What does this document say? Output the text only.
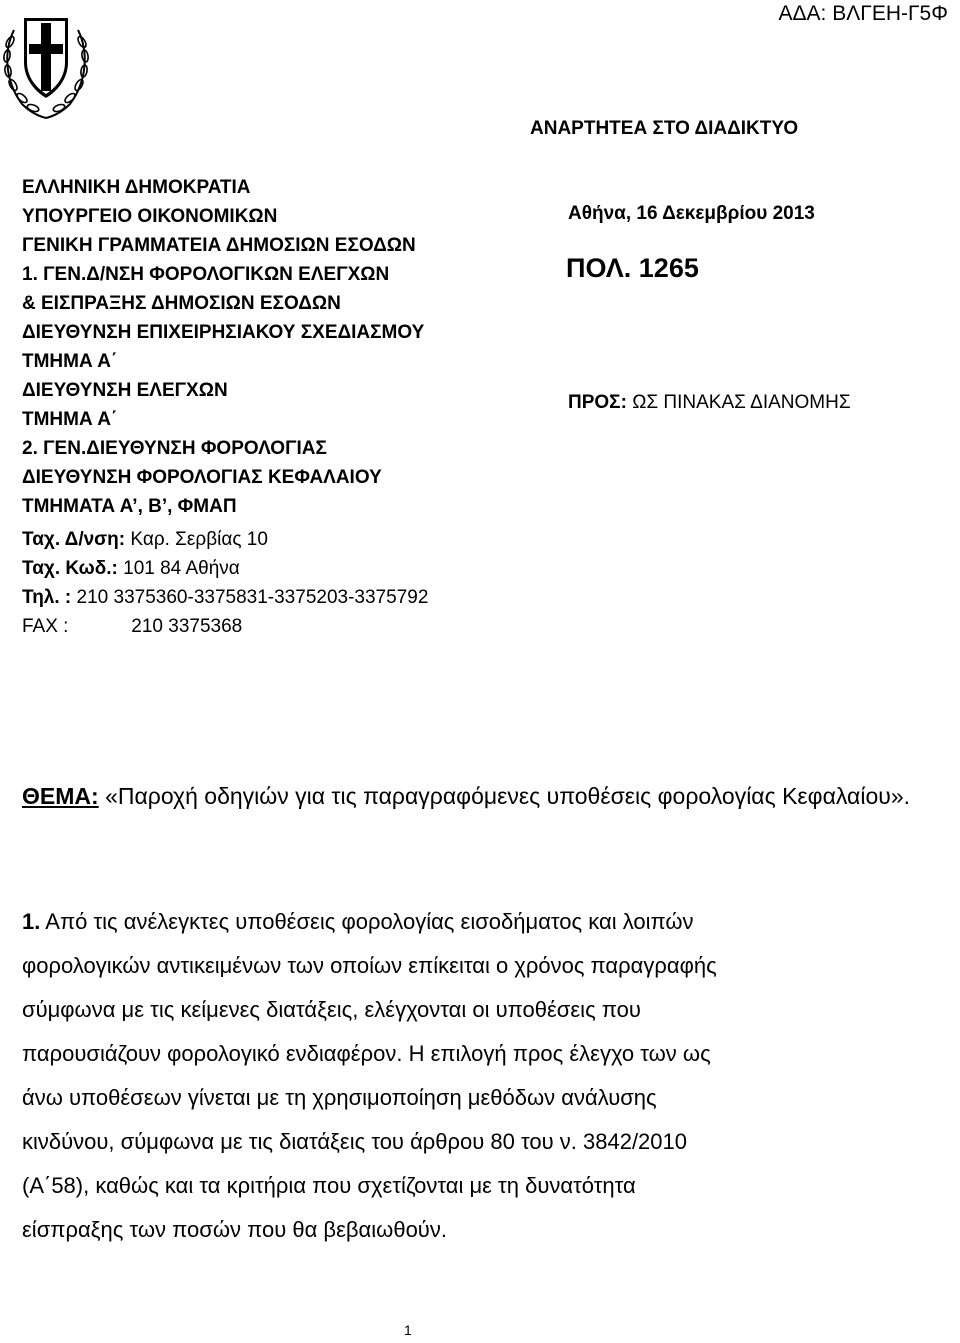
ΑΔΑ: ΒΛΓΕΗ-Γ5Φ
ΑΝΑΡΤΗΤΕΑ ΣΤΟ ΔΙΑΔΙΚΤΥΟ
ΕΛΛΗΝΙΚΗ ΔΗΜΟΚΡΑΤΙΑ
ΥΠΟΥΡΓΕΙΟ ΟΙΚΟΝΟΜΙΚΩΝ
ΓΕΝΙΚΗ ΓΡΑΜΜΑΤΕΙΑ ΔΗΜΟΣΙΩΝ ΕΣΟΔΩΝ
1. ΓΕΝ.Δ/ΝΣΗ ΦΟΡΟΛΟΓΙΚΩΝ ΕΛΕΓΧΩΝ
& ΕΙΣΠΡΑΞΗΣ ΔΗΜΟΣΙΩΝ ΕΣΟΔΩΝ
ΔΙΕΥΘΥΝΣΗ ΕΠΙΧΕΙΡΗΣΙΑΚΟΥ ΣΧΕΔΙΑΣΜΟΥ
ΤΜΗΜΑ Α΄
ΔΙΕΥΘΥΝΣΗ ΕΛΕΓΧΩΝ
ΤΜΗΜΑ Α΄
2. ΓΕΝ.ΔΙΕΥΘΥΝΣΗ ΦΟΡΟΛΟΓΙΑΣ
ΔΙΕΥΘΥΝΣΗ ΦΟΡΟΛΟΓΙΑΣ ΚΕΦΑΛΑΙΟΥ
ΤΜΗΜΑΤΑ Α’, Β’, ΦΜΑΠ
Ταχ. Δ/νση: Καρ. Σερβίας 10
Ταχ. Κωδ.: 101 84 Αθήνα
Τηλ. : 210 3375360-3375831-3375203-3375792
FAX :	210 3375368
Αθήνα, 16 Δεκεμβρίου 2013
ΠΟΛ. 1265
ΠΡΟΣ: ΩΣ ΠΙΝΑΚΑΣ ΔΙΑΝΟΜΗΣ
ΘΕΜΑ: «Παροχή οδηγιών για τις παραγραφόμενες υποθέσεις φορολογίας Κεφαλαίου».
1. Από τις ανέλεγκτες υποθέσεις φορολογίας εισοδήματος και λοιπών
φορολογικών αντικειμένων των οποίων επίκειται ο χρόνος παραγραφής
σύμφωνα με τις κείμενες διατάξεις, ελέγχονται οι υποθέσεις που
παρουσιάζουν φορολογικό ενδιαφέρον. Η επιλογή προς έλεγχο των ως
άνω υποθέσεων γίνεται με τη χρησιμοποίηση μεθόδων ανάλυσης
κινδύνου, σύμφωνα με τις διατάξεις του άρθρου 80 του ν. 3842/2010
(Α΄58), καθώς και τα κριτήρια που σχετίζονται με τη δυνατότητα
είσπραξης των ποσών που θα βεβαιωθούν.
1
